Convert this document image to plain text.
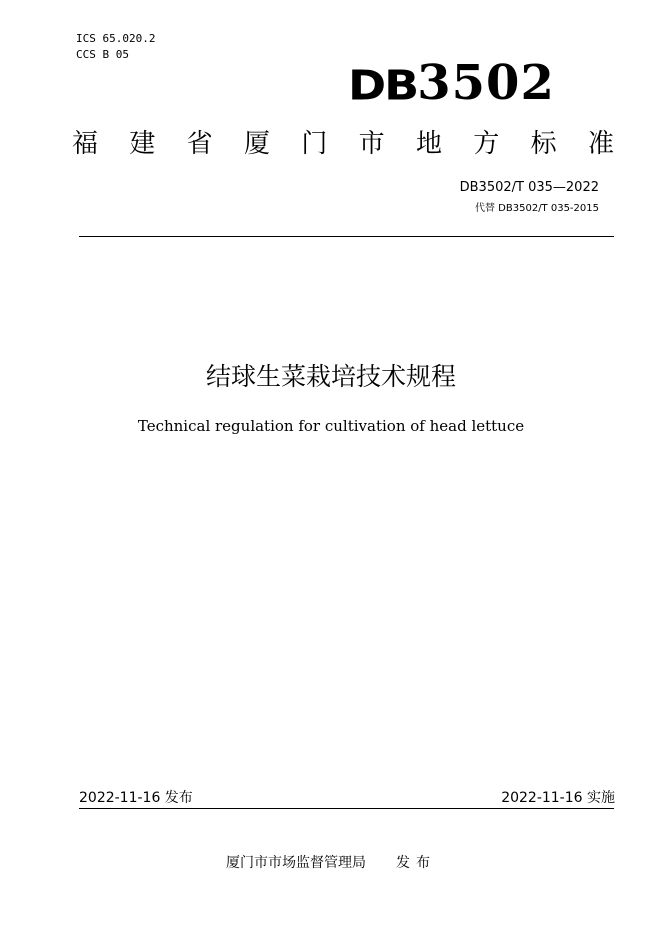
ICS 65.020.2
CCS B 05
DB 3502
福 建 省 厦 门 市 地 方 标 准
DB3502/T 035—2022
代替 DB3502/T 035-2015
结球生菜栽培技术规程
Technical regulation for cultivation of head lettuce
2022-11-16 发布	2022-11-16 实施
厦门市市场监督管理局 发布
